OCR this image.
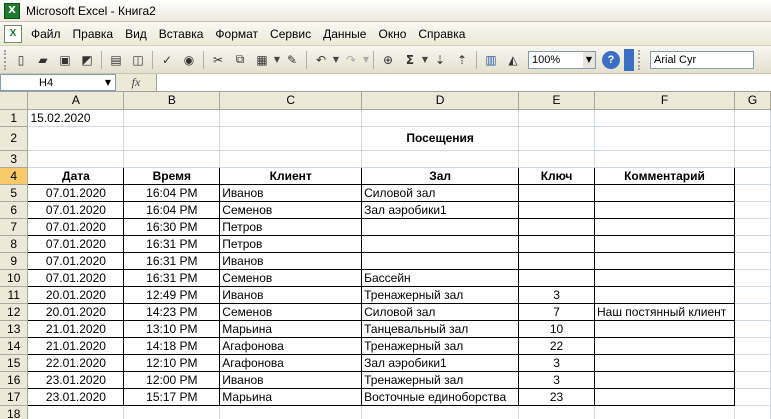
X Microsoft Excel - Книга2
X	Файл	Правка	Вид	Вставка	Формат	Сервис	Данные	Окно	Справка
▯	▰ ▣ ◩	▤ ◫	✓ ◉	✂	⧉	▦ ▼ ✎	↶ ▼ ↷ ▼	⊕	Σ ▼ ⇣ ⇡	▥ ◭	100%	▼	?	Arial Cyr
H4	▼	fx
	A	B	C	D	E	F	G
1	15.02.2020						
2				Посещения			
3							
4	Дата	Время	Клиент	Зал	Ключ	Комментарий	
5	07.01.2020	16:04 PM	Иванов	Силовой зал			
6	07.01.2020	16:04 PM	Семенов	Зал аэробики1			
7	07.01.2020	16:30 PM	Петров				
8	07.01.2020	16:31 PM	Петров				
9	07.01.2020	16:31 PM	Иванов				
10	07.01.2020	16:31 PM	Семенов	Бассейн			
11	20.01.2020	12:49 PM	Иванов	Тренажерный зал	3		
12	20.01.2020	14:23 PM	Семенов	Силовой зал	7	Наш постянный клиент	
13	21.01.2020	13:10 PM	Марьина	Танцевальный зал	10		
14	21.01.2020	14:18 PM	Агафонова	Тренажерный зал	22		
15	22.01.2020	12:10 PM	Агафонова	Зал аэробики1	3		
16	23.01.2020	12:00 PM	Иванов	Тренажерный зал	3		
17	23.01.2020	15:17 PM	Марьина	Восточные единоборства	23		
18							
